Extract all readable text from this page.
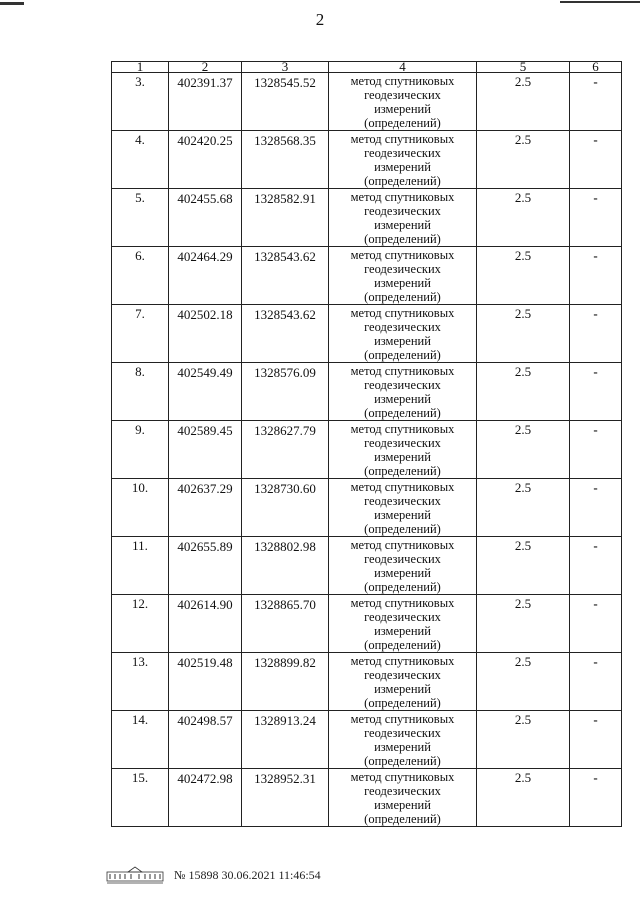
2
1	2	3	4	5	6
3.	402391.37	1328545.52	метод спутниковых
геодезических
измерений
(определений)	2.5	-
4.	402420.25	1328568.35	метод спутниковых
геодезических
измерений
(определений)	2.5	-
5.	402455.68	1328582.91	метод спутниковых
геодезических
измерений
(определений)	2.5	-
6.	402464.29	1328543.62	метод спутниковых
геодезических
измерений
(определений)	2.5	-
7.	402502.18	1328543.62	метод спутниковых
геодезических
измерений
(определений)	2.5	-
8.	402549.49	1328576.09	метод спутниковых
геодезических
измерений
(определений)	2.5	-
9.	402589.45	1328627.79	метод спутниковых
геодезических
измерений
(определений)	2.5	-
10.	402637.29	1328730.60	метод спутниковых
геодезических
измерений
(определений)	2.5	-
11.	402655.89	1328802.98	метод спутниковых
геодезических
измерений
(определений)	2.5	-
12.	402614.90	1328865.70	метод спутниковых
геодезических
измерений
(определений)	2.5	-
13.	402519.48	1328899.82	метод спутниковых
геодезических
измерений
(определений)	2.5	-
14.	402498.57	1328913.24	метод спутниковых
геодезических
измерений
(определений)	2.5	-
15.	402472.98	1328952.31	метод спутниковых
геодезических
измерений
(определений)	2.5	-
№ 15898 30.06.2021 11:46:54
